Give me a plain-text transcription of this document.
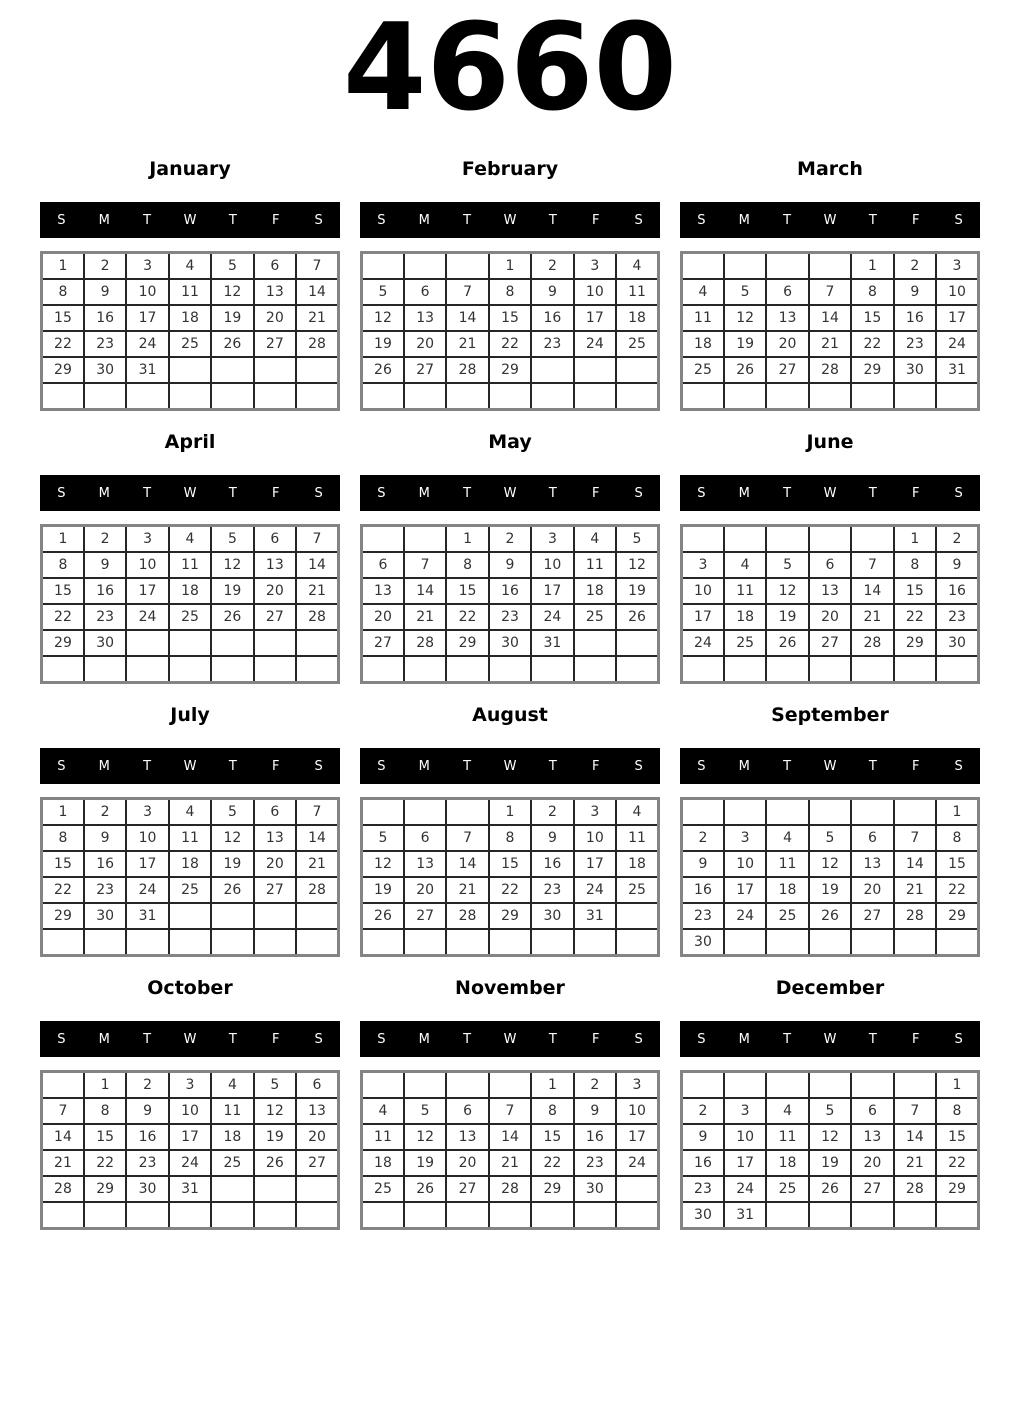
4660
January
S	M	T	W	T	F	S
1	2	3	4	5	6	7
8	9	10	11	12	13	14
15	16	17	18	19	20	21
22	23	24	25	26	27	28
29	30	31				

February
S	M	T	W	T	F	S
			1	2	3	4
5	6	7	8	9	10	11
12	13	14	15	16	17	18
19	20	21	22	23	24	25
26	27	28	29			

March
S	M	T	W	T	F	S
				1	2	3
4	5	6	7	8	9	10
11	12	13	14	15	16	17
18	19	20	21	22	23	24
25	26	27	28	29	30	31

April
S	M	T	W	T	F	S
1	2	3	4	5	6	7
8	9	10	11	12	13	14
15	16	17	18	19	20	21
22	23	24	25	26	27	28
29	30					

May
S	M	T	W	T	F	S
		1	2	3	4	5
6	7	8	9	10	11	12
13	14	15	16	17	18	19
20	21	22	23	24	25	26
27	28	29	30	31		

June
S	M	T	W	T	F	S
					1	2
3	4	5	6	7	8	9
10	11	12	13	14	15	16
17	18	19	20	21	22	23
24	25	26	27	28	29	30

July
S	M	T	W	T	F	S
1	2	3	4	5	6	7
8	9	10	11	12	13	14
15	16	17	18	19	20	21
22	23	24	25	26	27	28
29	30	31				

August
S	M	T	W	T	F	S
			1	2	3	4
5	6	7	8	9	10	11
12	13	14	15	16	17	18
19	20	21	22	23	24	25
26	27	28	29	30	31	

September
S	M	T	W	T	F	S
						1
2	3	4	5	6	7	8
9	10	11	12	13	14	15
16	17	18	19	20	21	22
23	24	25	26	27	28	29
30						
October
S	M	T	W	T	F	S
	1	2	3	4	5	6
7	8	9	10	11	12	13
14	15	16	17	18	19	20
21	22	23	24	25	26	27
28	29	30	31			

November
S	M	T	W	T	F	S
				1	2	3
4	5	6	7	8	9	10
11	12	13	14	15	16	17
18	19	20	21	22	23	24
25	26	27	28	29	30	

December
S	M	T	W	T	F	S
						1
2	3	4	5	6	7	8
9	10	11	12	13	14	15
16	17	18	19	20	21	22
23	24	25	26	27	28	29
30	31					
